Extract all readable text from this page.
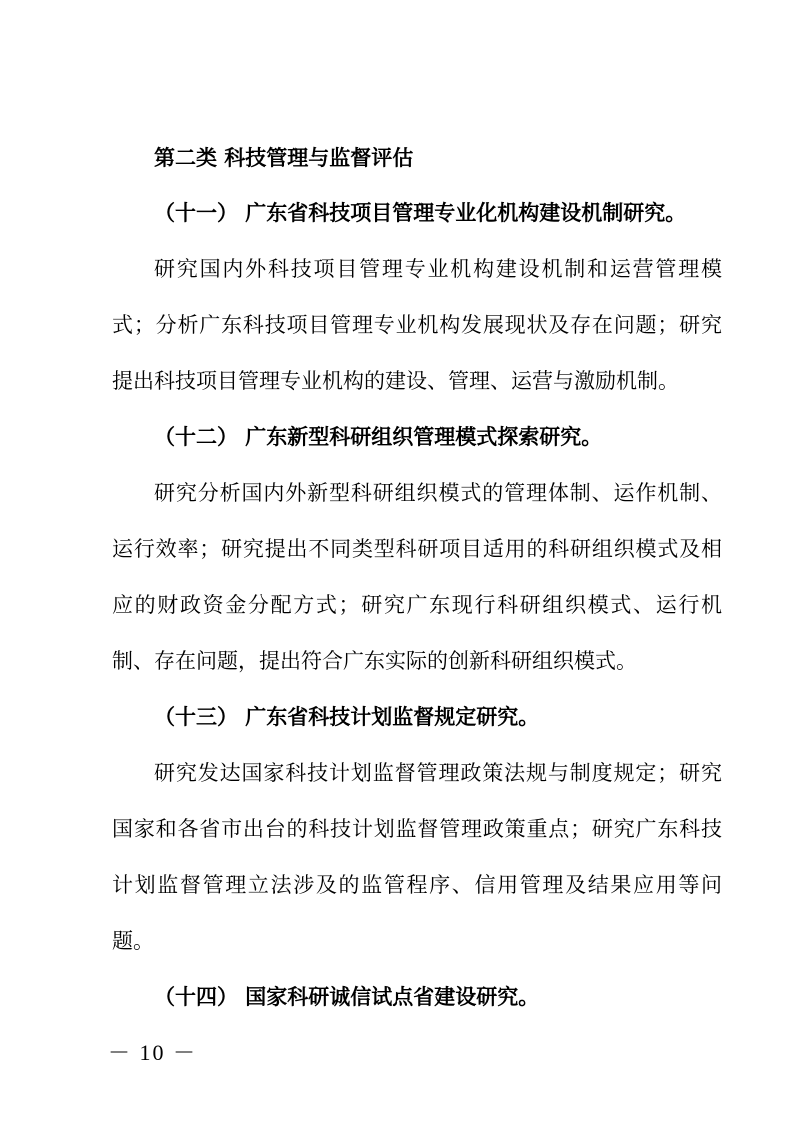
第二类 科技管理与监督评估

（十一） 广东省科技项目管理专业化机构建设机制研究。

研究国内外科技项目管理专业机构建设机制和运营管理模

式；分析广东科技项目管理专业机构发展现状及存在问题；研究

提出科技项目管理专业机构的建设、管理、运营与激励机制。

（十二） 广东新型科研组织管理模式探索研究。

研究分析国内外新型科研组织模式的管理体制、运作机制、

运行效率；研究提出不同类型科研项目适用的科研组织模式及相

应的财政资金分配方式；研究广东现行科研组织模式、运行机

制、存在问题，提出符合广东实际的创新科研组织模式。

（十三） 广东省科技计划监督规定研究。

研究发达国家科技计划监督管理政策法规与制度规定；研究

国家和各省市出台的科技计划监督管理政策重点；研究广东科技

计划监督管理立法涉及的监管程序、信用管理及结果应用等问

题。

（十四） 国家科研诚信试点省建设研究。

－ 10 －
